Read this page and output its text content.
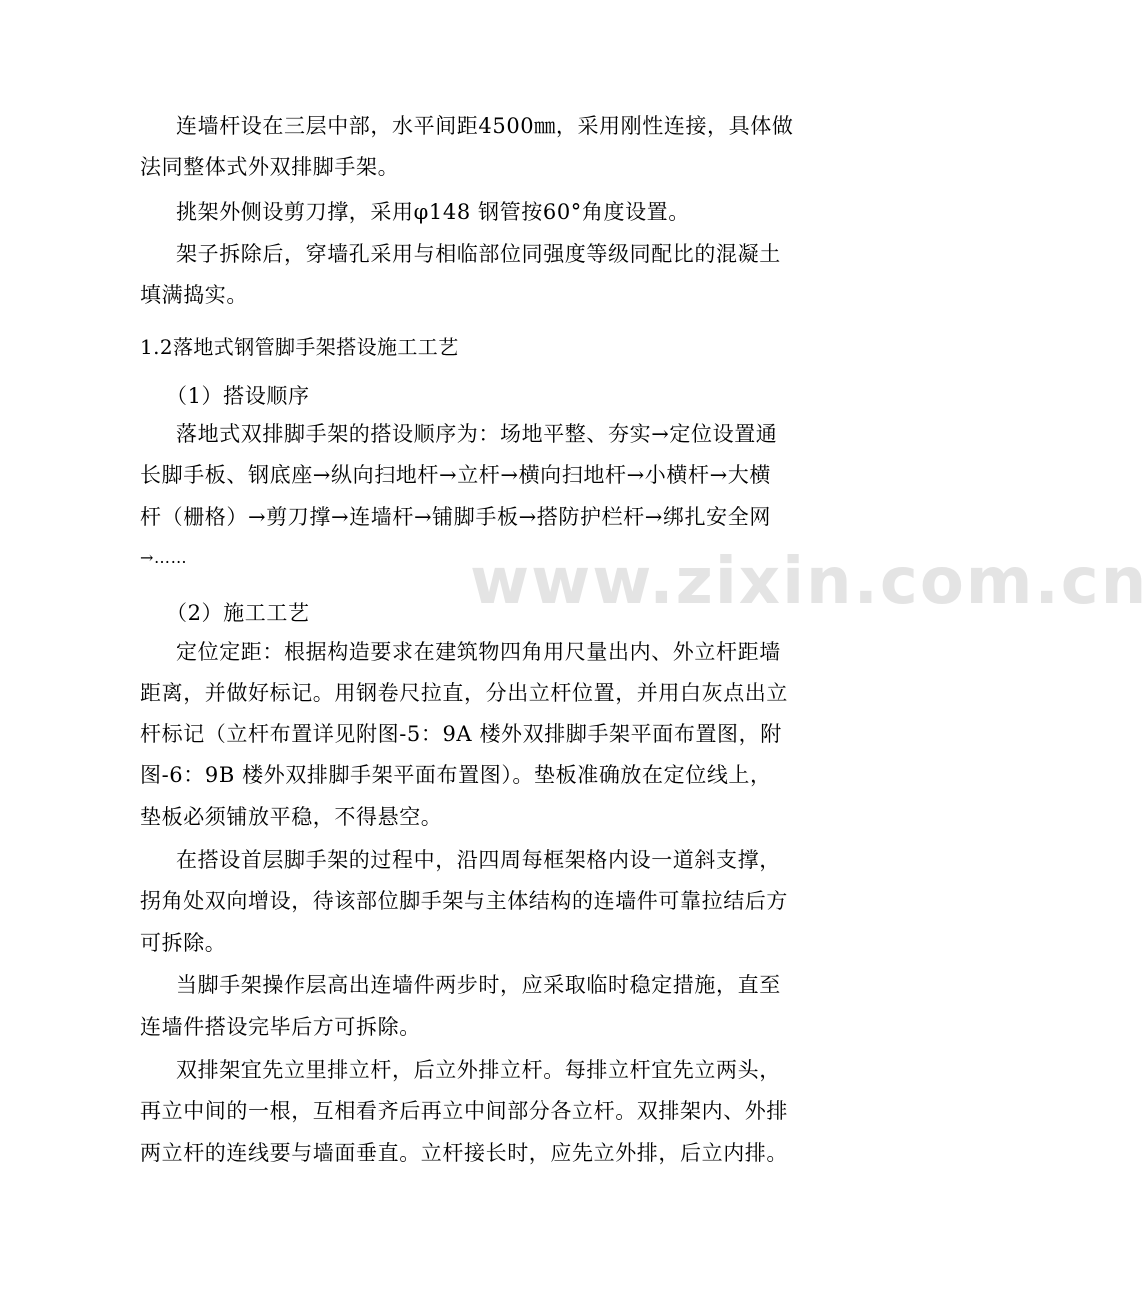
www.zixin.com.cn
连墙杆设在三层中部，水平间距4500㎜，采用刚性连接，具体做
法同整体式外双排脚手架。
挑架外侧设剪刀撑，采用φ148 钢管按60°角度设置。
架子拆除后，穿墙孔采用与相临部位同强度等级同配比的混凝土
填满捣实。
1.2落地式钢管脚手架搭设施工工艺
（1）搭设顺序
落地式双排脚手架的搭设顺序为：场地平整、夯实→定位设置通
长脚手板、钢底座→纵向扫地杆→立杆→横向扫地杆→小横杆→大横
杆（栅格）→剪刀撑→连墙杆→铺脚手板→搭防护栏杆→绑扎安全网
→……
（2）施工工艺
定位定距：根据构造要求在建筑物四角用尺量出内、外立杆距墙
距离，并做好标记。用钢卷尺拉直，分出立杆位置，并用白灰点出立
杆标记（立杆布置详见附图-5：9A 楼外双排脚手架平面布置图，附
图-6：9B 楼外双排脚手架平面布置图）。垫板准确放在定位线上，
垫板必须铺放平稳，不得悬空。
在搭设首层脚手架的过程中，沿四周每框架格内设一道斜支撑，
拐角处双向增设，待该部位脚手架与主体结构的连墙件可靠拉结后方
可拆除。
当脚手架操作层高出连墙件两步时，应采取临时稳定措施，直至
连墙件搭设完毕后方可拆除。
双排架宜先立里排立杆，后立外排立杆。每排立杆宜先立两头，
再立中间的一根，互相看齐后再立中间部分各立杆。双排架内、外排
两立杆的连线要与墙面垂直。立杆接长时，应先立外排，后立内排。
